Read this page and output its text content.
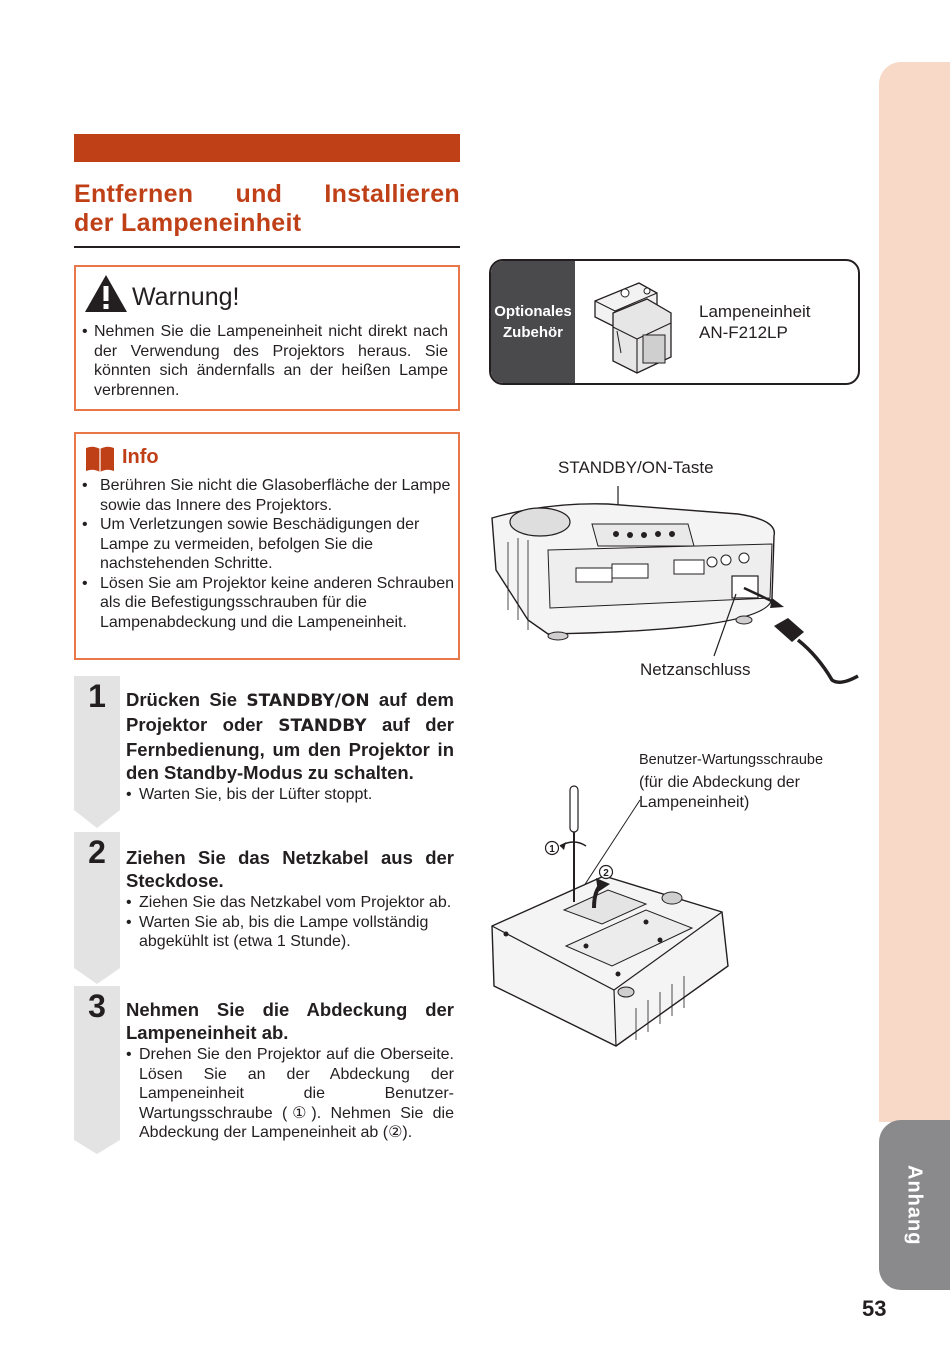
Anhang
53
Entfernen und Installieren
der Lampeneinheit
Warnung!
• Nehmen Sie die Lampeneinheit nicht direkt nach der Verwendung des Projektors heraus. Sie könnten sich ändernfalls an der heißen Lampe verbrennen.
Info
• Berühren Sie nicht die Glasoberfläche der Lampe sowie das Innere des Projektors.
• Um Verletzungen sowie Beschädigungen der Lampe zu vermeiden, befolgen Sie die nachstehenden Schritte.
• Lösen Sie am Projektor keine anderen Schrauben als die Befestigungsschrauben für die Lampenabdeckung und die Lampeneinheit.
1	Drücken Sie STANDBY/ON auf dem Projektor oder STANDBY auf der Fernbedienung, um den Projektor in den Standby-Modus zu schalten.
• Warten Sie, bis der Lüfter stoppt.
2	Ziehen Sie das Netzkabel aus der Steckdose.
• Ziehen Sie das Netzkabel vom Projektor ab.
• Warten Sie ab, bis die Lampe vollständig abgekühlt ist (etwa 1 Stunde).
3	Nehmen Sie die Abdeckung der Lampeneinheit ab.
• Drehen Sie den Projektor auf die Oberseite. Lösen Sie an der Abdeckung der Lampeneinheit die Benutzer-Wartungsschraube (①). Nehmen Sie die Abdeckung der Lampeneinheit ab (②).
Optionales
Zubehör
Lampeneinheit
AN-F212LP
STANDBY/ON-Taste
Netzanschluss
Benutzer-Wartungsschraube
(für die Abdeckung der
Lampeneinheit)
1
2
